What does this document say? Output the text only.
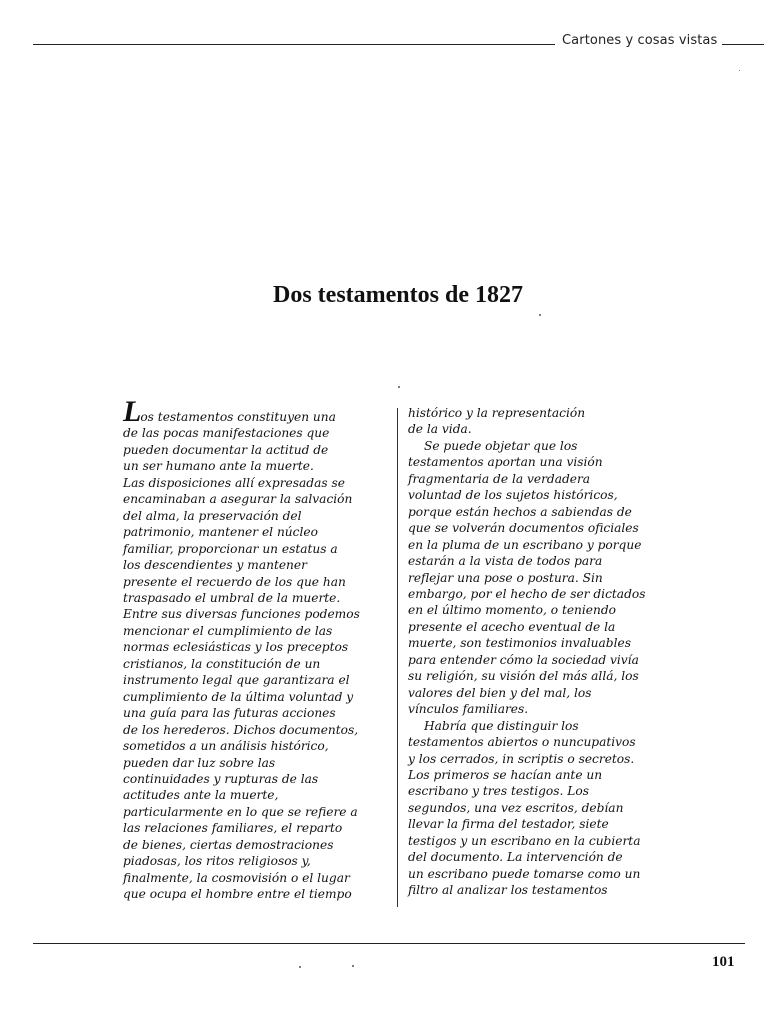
Cartones y cosas vistas
Dos testamentos de 1827

Los testamentos constituyen una
de las pocas manifestaciones que
pueden documentar la actitud de
un ser humano ante la muerte.
Las disposiciones allí expresadas se
encaminaban a asegurar la salvación
del alma, la preservación del
patrimonio, mantener el núcleo
familiar, proporcionar un estatus a
los descendientes y mantener
presente el recuerdo de los que han
traspasado el umbral de la muerte.
Entre sus diversas funciones podemos
mencionar el cumplimiento de las
normas eclesiásticas y los preceptos
cristianos, la constitución de un
instrumento legal que garantizara el
cumplimiento de la última voluntad y
una guía para las futuras acciones
de los herederos. Dichos documentos,
sometidos a un análisis histórico,
pueden dar luz sobre las
continuidades y rupturas de las
actitudes ante la muerte,
particularmente en lo que se refiere a
las relaciones familiares, el reparto
de bienes, ciertas demostraciones
piadosas, los ritos religiosos y,
finalmente, la cosmovisión o el lugar
que ocupa el hombre entre el tiempo

histórico y la representación
de la vida.

Se puede objetar que los
testamentos aportan una visión
fragmentaria de la verdadera
voluntad de los sujetos históricos,
porque están hechos a sabiendas de
que se volverán documentos oficiales
en la pluma de un escribano y porque
estarán a la vista de todos para
reflejar una pose o postura. Sin
embargo, por el hecho de ser dictados
en el último momento, o teniendo
presente el acecho eventual de la
muerte, son testimonios invaluables
para entender cómo la sociedad vivía
su religión, su visión del más allá, los
valores del bien y del mal, los
vínculos familiares.

Habría que distinguir los
testamentos abiertos o nuncupativos
y los cerrados, in scriptis o secretos.
Los primeros se hacían ante un
escribano y tres testigos. Los
segundos, una vez escritos, debían
llevar la firma del testador, siete
testigos y un escribano en la cubierta
del documento. La intervención de
un escribano puede tomarse como un
filtro al analizar los testamentos

101
